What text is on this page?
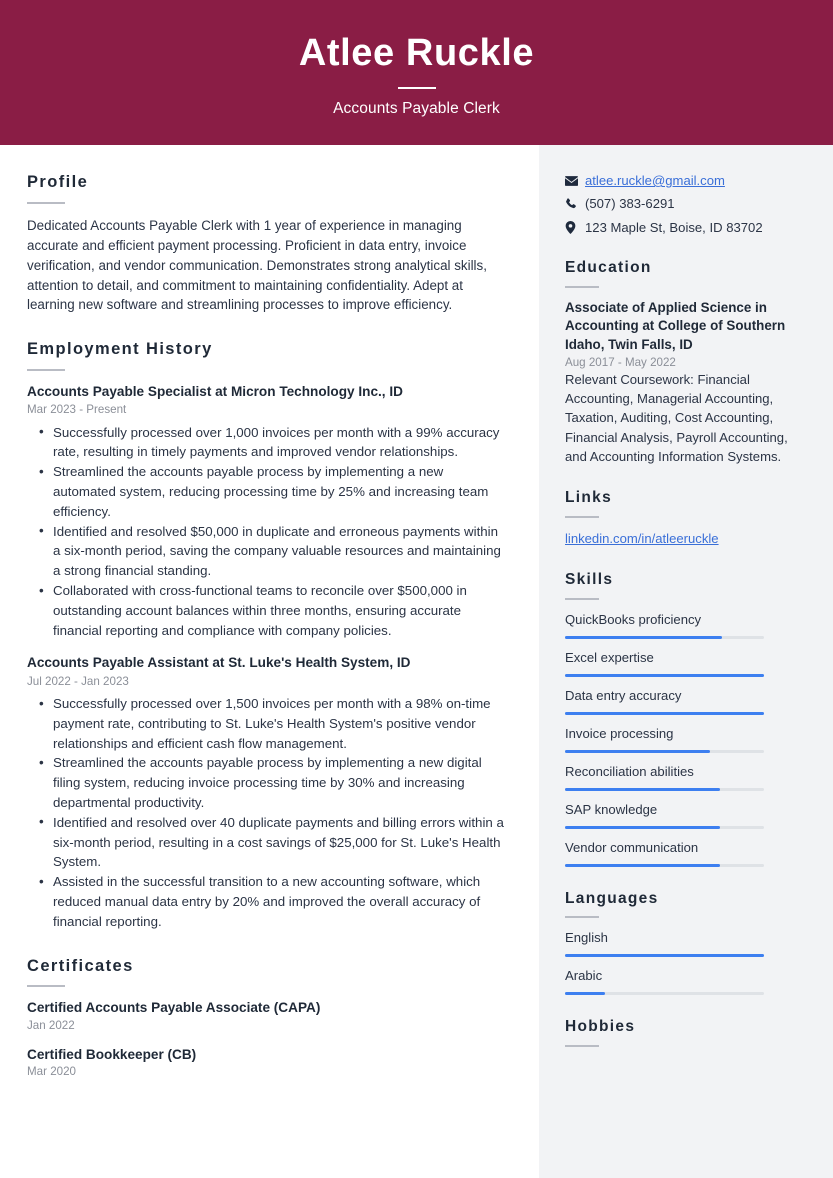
Atlee Ruckle
Accounts Payable Clerk
Profile
Dedicated Accounts Payable Clerk with 1 year of experience in managing accurate and efficient payment processing. Proficient in data entry, invoice verification, and vendor communication. Demonstrates strong analytical skills, attention to detail, and commitment to maintaining confidentiality. Adept at learning new software and streamlining processes to improve efficiency.
Employment History
Accounts Payable Specialist at Micron Technology Inc., ID
Mar 2023 - Present
• Successfully processed over 1,000 invoices per month with a 99% accuracy rate, resulting in timely payments and improved vendor relationships.
• Streamlined the accounts payable process by implementing a new automated system, reducing processing time by 25% and increasing team efficiency.
• Identified and resolved $50,000 in duplicate and erroneous payments within a six-month period, saving the company valuable resources and maintaining a strong financial standing.
• Collaborated with cross-functional teams to reconcile over $500,000 in outstanding account balances within three months, ensuring accurate financial reporting and compliance with company policies.
Accounts Payable Assistant at St. Luke's Health System, ID
Jul 2022 - Jan 2023
• Successfully processed over 1,500 invoices per month with a 98% on-time payment rate, contributing to St. Luke's Health System's positive vendor relationships and efficient cash flow management.
• Streamlined the accounts payable process by implementing a new digital filing system, reducing invoice processing time by 30% and increasing departmental productivity.
• Identified and resolved over 40 duplicate payments and billing errors within a six-month period, resulting in a cost savings of $25,000 for St. Luke's Health System.
• Assisted in the successful transition to a new accounting software, which reduced manual data entry by 20% and improved the overall accuracy of financial reporting.
Certificates
Certified Accounts Payable Associate (CAPA)
Jan 2022
Certified Bookkeeper (CB)
Mar 2020
atlee.ruckle@gmail.com
(507) 383-6291
123 Maple St, Boise, ID 83702
Education
Associate of Applied Science in Accounting at College of Southern Idaho, Twin Falls, ID
Aug 2017 - May 2022
Relevant Coursework: Financial Accounting, Managerial Accounting, Taxation, Auditing, Cost Accounting, Financial Analysis, Payroll Accounting, and Accounting Information Systems.
Links
linkedin.com/in/atleeruckle
Skills
QuickBooks proficiency
Excel expertise
Data entry accuracy
Invoice processing
Reconciliation abilities
SAP knowledge
Vendor communication
Languages
English
Arabic
Hobbies
